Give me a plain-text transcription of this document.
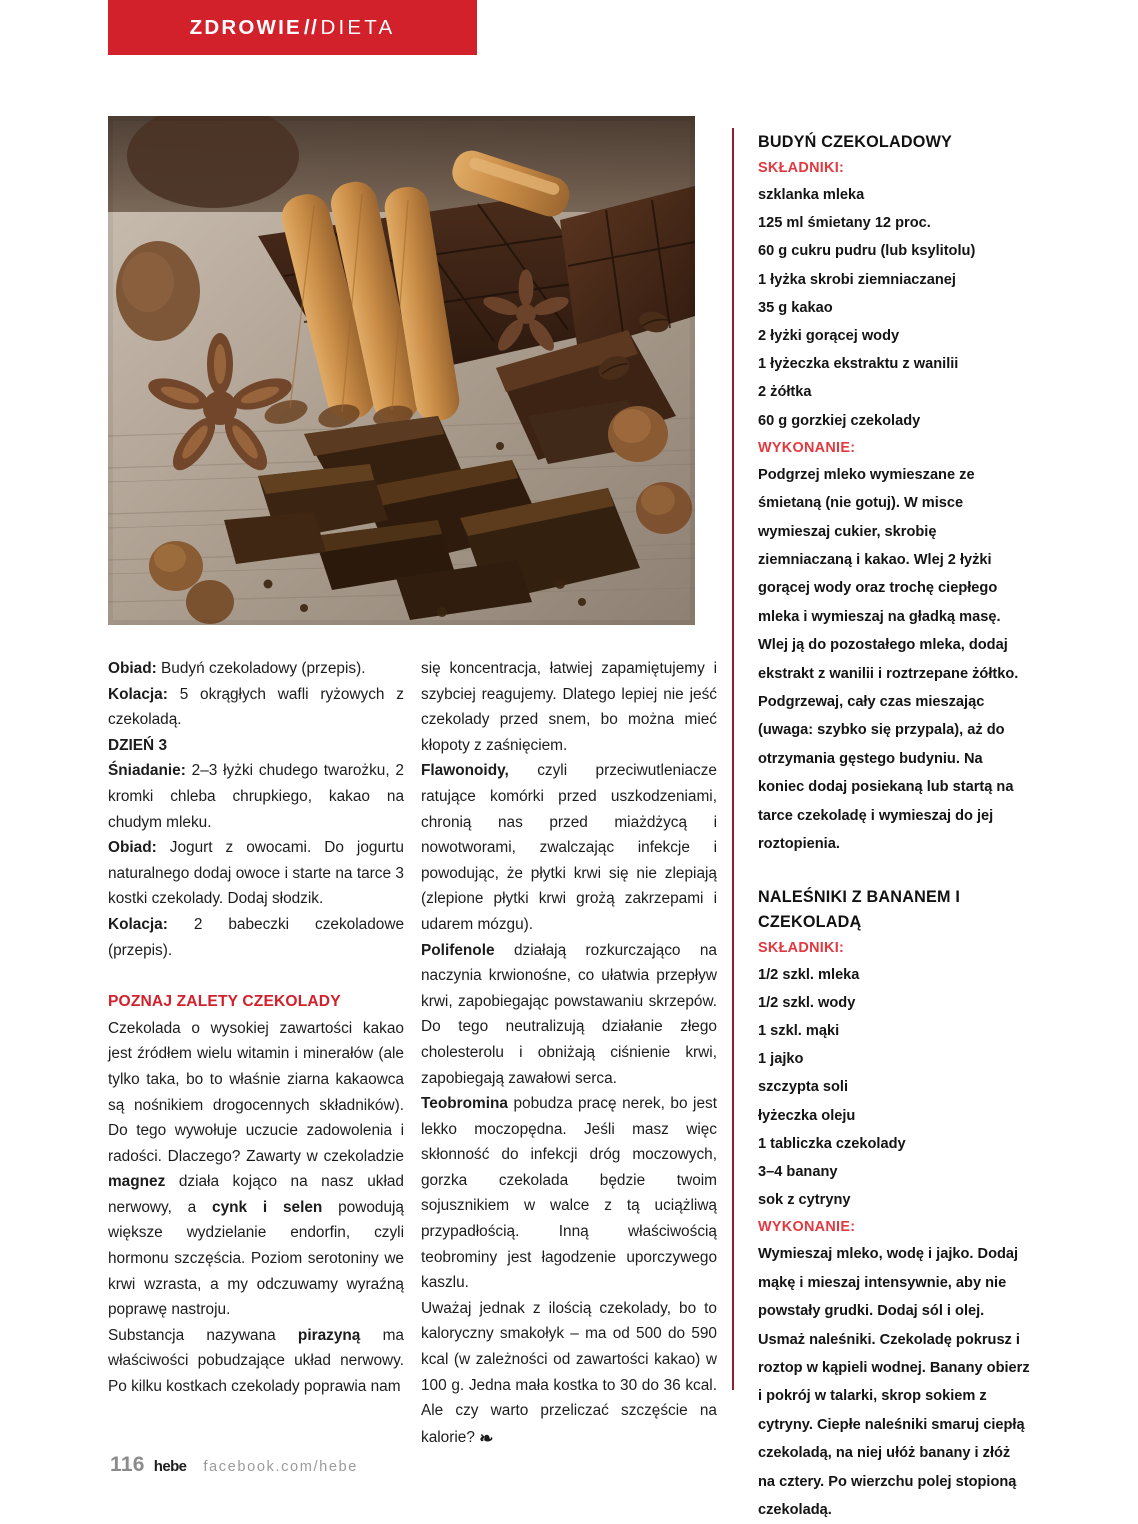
ZDROWIE//DIETA

Obiad: Budyń czekoladowy (przepis).

Kolacja: 5 okrągłych wafli ryżowych z czekoladą.

DZIEŃ 3

Śniadanie: 2–3 łyżki chudego twarożku, 2 kromki chleba chrupkiego, kakao na chudym mleku.

Obiad: Jogurt z owocami. Do jogurtu naturalnego dodaj owoce i starte na tarce 3 kostki czekolady. Dodaj słodzik.

Kolacja: 2 babeczki czekoladowe (przepis).

POZNAJ ZALETY CZEKOLADY

Czekolada o wysokiej zawartości kakao jest źródłem wielu witamin i minerałów (ale tylko taka, bo to właśnie ziarna kakaowca są nośnikiem drogocennych składników). Do tego wywołuje uczucie zadowolenia i radości. Dlaczego? Zawarty w czekoladzie magnez działa kojąco na nasz układ nerwowy, a cynk i selen powodują większe wydzielanie endorfin, czyli hormonu szczęścia. Poziom serotoniny we krwi wzrasta, a my odczuwamy wyraźną poprawę nastroju.

Substancja nazywana pirazyną ma właściwości pobudzające układ nerwowy. Po kilku kostkach czekolady poprawia nam

się koncentracja, łatwiej zapamiętujemy i szybciej reagujemy. Dlatego lepiej nie jeść czekolady przed snem, bo można mieć kłopoty z zaśnięciem.

Flawonoidy, czyli przeciwutleniacze ratujące komórki przed uszkodzeniami, chronią nas przed miażdżycą i nowotworami, zwalczając infekcje i powodując, że płytki krwi się nie zlepiają (zlepione płytki krwi grożą zakrzepami i udarem mózgu).

Polifenole działają rozkurczająco na naczynia krwionośne, co ułatwia przepływ krwi, zapobiegając powstawaniu skrzepów. Do tego neutralizują działanie złego cholesterolu i obniżają ciśnienie krwi, zapobiegają zawałowi serca.

Teobromina pobudza pracę nerek, bo jest lekko moczopędna. Jeśli masz więc skłonność do infekcji dróg moczowych, gorzka czekolada będzie twoim sojusznikiem w walce z tą uciążliwą przypadłością. Inną właściwością teobrominy jest łagodzenie uporczywego kaszlu.

Uważaj jednak z ilością czekolady, bo to kaloryczny smakołyk – ma od 500 do 590 kcal (w zależności od zawartości kakao) w 100 g. Jedna mała kostka to 30 do 36 kcal. Ale czy warto przeliczać szczęście na kalorie? ❧

BUDYŃ CZEKOLADOWY

SKŁADNIKI:

szklanka mleka

125 ml śmietany 12 proc.

60 g cukru pudru (lub ksylitolu)

1 łyżka skrobi ziemniaczanej

35 g kakao

2 łyżki gorącej wody

1 łyżeczka ekstraktu z wanilii

2 żółtka

60 g gorzkiej czekolady

WYKONANIE:

Podgrzej mleko wymieszane ze śmietaną (nie gotuj). W misce wymieszaj cukier, skrobię ziemniaczaną i kakao. Wlej 2 łyżki gorącej wody oraz trochę ciepłego mleka i wymieszaj na gładką masę. Wlej ją do pozostałego mleka, dodaj ekstrakt z wanilii i roztrzepane żółtko. Podgrzewaj, cały czas mieszając (uwaga: szybko się przypala), aż do otrzymania gęstego budyniu. Na koniec dodaj posiekaną lub startą na tarce czekoladę i wymieszaj do jej roztopienia.

NALEŚNIKI Z BANANEM I CZEKOLADĄ

SKŁADNIKI:

1/2 szkl. mleka

1/2 szkl. wody

1 szkl. mąki

1 jajko

szczypta soli

łyżeczka oleju

1 tabliczka czekolady

3–4 banany

sok z cytryny

WYKONANIE:

Wymieszaj mleko, wodę i jajko. Dodaj mąkę i mieszaj intensywnie, aby nie powstały grudki. Dodaj sól i olej. Usmaż naleśniki. Czekoladę pokrusz i roztop w kąpieli wodnej. Banany obierz i pokrój w talarki, skrop sokiem z cytryny. Ciepłe naleśniki smaruj ciepłą czekoladą, na niej ułóż banany i złóż na cztery. Po wierzchu polej stopioną czekoladą.

116 hebe facebook.com/hebe
